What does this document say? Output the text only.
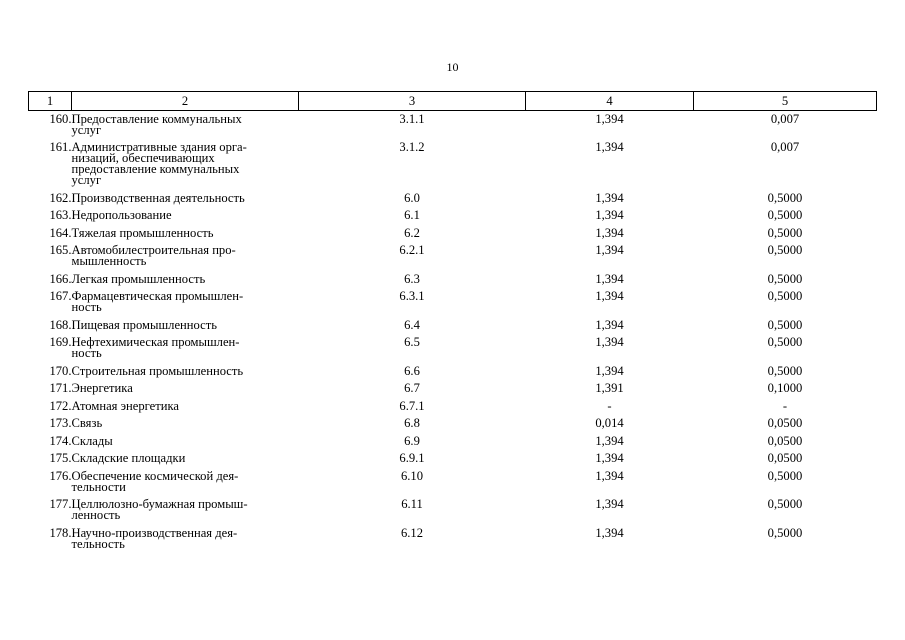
10
1	2	3	4	5
160.	Предоставление коммунальных
услуг	3.1.1	1,394	0,007
161.	Административные здания орга-
низаций, обеспечивающих
предоставление коммунальных
услуг	3.1.2	1,394	0,007
162.	Производственная деятельность	6.0	1,394	0,5000
163.	Недропользование	6.1	1,394	0,5000
164.	Тяжелая промышленность	6.2	1,394	0,5000
165.	Автомобилестроительная про-
мышленность	6.2.1	1,394	0,5000
166.	Легкая промышленность	6.3	1,394	0,5000
167.	Фармацевтическая промышлен-
ность	6.3.1	1,394	0,5000
168.	Пищевая промышленность	6.4	1,394	0,5000
169.	Нефтехимическая промышлен-
ность	6.5	1,394	0,5000
170.	Строительная промышленность	6.6	1,394	0,5000
171.	Энергетика	6.7	1,391	0,1000
172.	Атомная энергетика	6.7.1	-	-
173.	Связь	6.8	0,014	0,0500
174.	Склады	6.9	1,394	0,0500
175.	Складские площадки	6.9.1	1,394	0,0500
176.	Обеспечение космической дея-
тельности	6.10	1,394	0,5000
177.	Целлюлозно-бумажная промыш-
ленность	6.11	1,394	0,5000
178.	Научно-производственная дея-
тельность	6.12	1,394	0,5000
